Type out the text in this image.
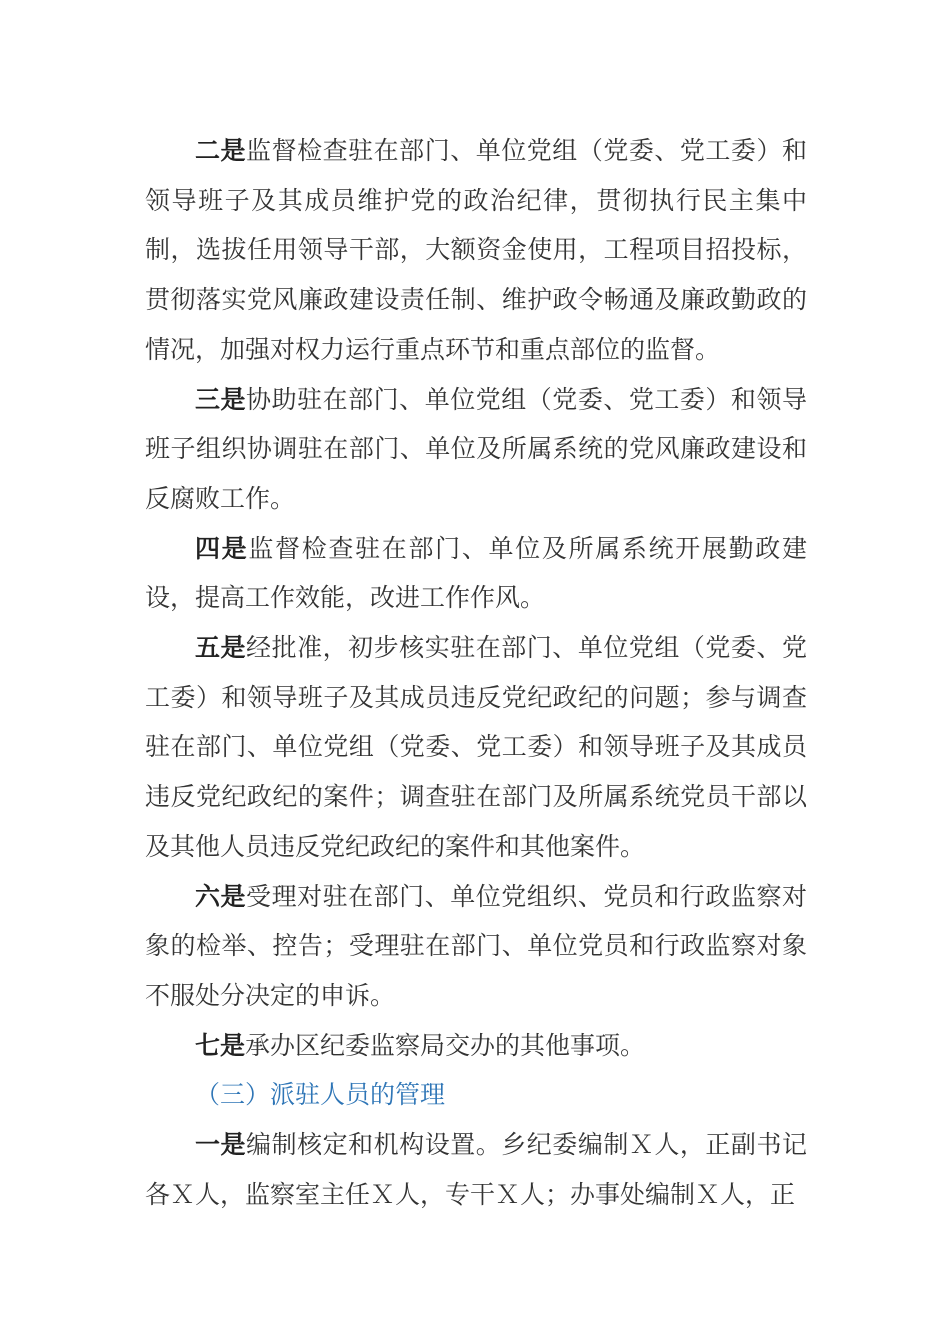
二是监督检查驻在部门、单位党组（党委、党工委）和领导班子及其成员维护党的政治纪律，贯彻执行民主集中制，选拔任用领导干部，大额资金使用，工程项目招投标，贯彻落实党风廉政建设责任制、维护政令畅通及廉政勤政的情况，加强对权力运行重点环节和重点部位的监督。

三是协助驻在部门、单位党组（党委、党工委）和领导班子组织协调驻在部门、单位及所属系统的党风廉政建设和反腐败工作。

四是监督检查驻在部门、单位及所属系统开展勤政建设，提高工作效能，改进工作作风。

五是经批准，初步核实驻在部门、单位党组（党委、党工委）和领导班子及其成员违反党纪政纪的问题；参与调查驻在部门、单位党组（党委、党工委）和领导班子及其成员违反党纪政纪的案件；调查驻在部门及所属系统党员干部以及其他人员违反党纪政纪的案件和其他案件。

六是受理对驻在部门、单位党组织、党员和行政监察对象的检举、控告；受理驻在部门、单位党员和行政监察对象不服处分决定的申诉。

七是承办区纪委监察局交办的其他事项。

（三）派驻人员的管理

一是编制核定和机构设置。乡纪委编制Ｘ人，正副书记各Ｘ人，监察室主任Ｘ人，专干Ｘ人；办事处编制Ｘ人，正
